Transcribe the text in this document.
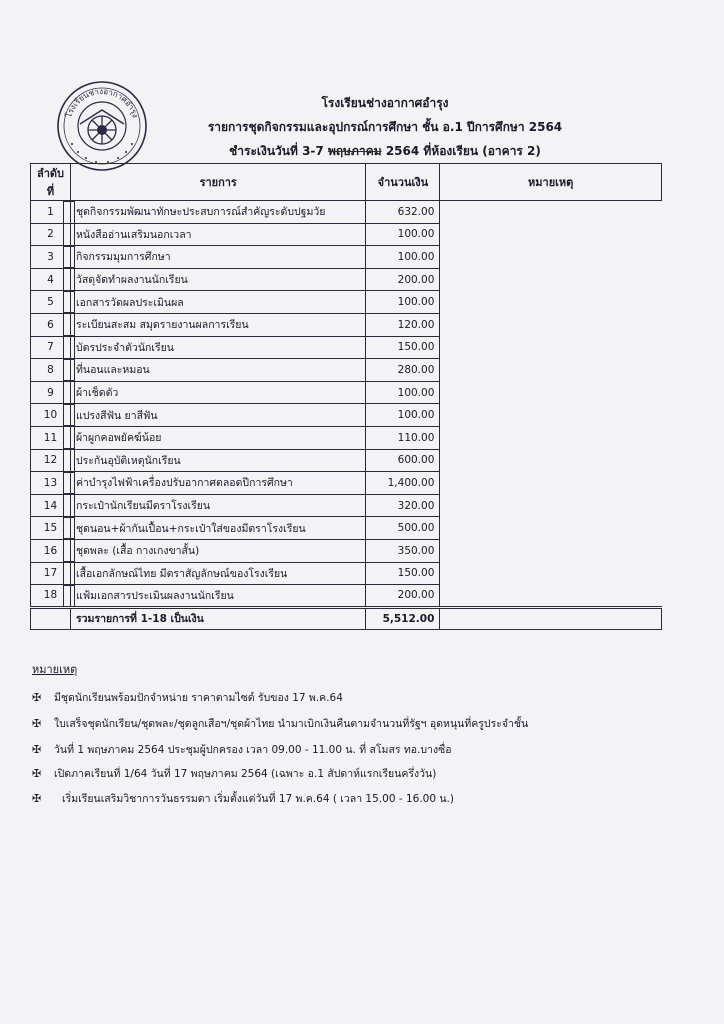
โรงเรียนช่างอากาศอำรุง
โรงเรียนช่างอากาศอำรุง
รายการชุดกิจกรรมและอุปกรณ์การศึกษา ชั้น อ.1 ปีการศึกษา 2564
ชำระเงินวันที่ 3-7 พฤษภาคม 2564 ที่ห้องเรียน (อาคาร 2)
ลำดับที่	รายการ	จำนวนเงิน	หมายเหตุ
1	ชุดกิจกรรมพัฒนาทักษะประสบการณ์สำคัญระดับปฐมวัย	632.00	

2	หนังสืออ่านเสริมนอกเวลา	100.00	

3	กิจกรรมมุมการศึกษา	100.00	

4	วัสดุจัดทำผลงานนักเรียน	200.00	

5	เอกสารวัดผลประเมินผล	100.00	

6	ระเบียนสะสม สมุดรายงานผลการเรียน	120.00	

7	บัตรประจำตัวนักเรียน	150.00	

8	ที่นอนและหมอน	280.00	

9	ผ้าเช็ดตัว	100.00	

10	แปรงสีฟัน ยาสีฟัน	100.00	

11	ผ้าผูกคอพยัคฆ์น้อย	110.00	

12	ประกันอุบัติเหตุนักเรียน	600.00	

13	ค่าบำรุงไฟฟ้าเครื่องปรับอากาศตลอดปีการศึกษา	1,400.00	

14	กระเป๋านักเรียนมีตราโรงเรียน	320.00	

15	ชุดนอน+ผ้ากันเปื้อน+กระเป๋าใส่ของมีตราโรงเรียน	500.00	

16	ชุดพละ (เสื้อ กางเกงขาสั้น)	350.00	

17	เสื้อเอกลักษณ์ไทย มีตราสัญลักษณ์ของโรงเรียน	150.00	

18	แฟ้มเอกสารประเมินผลงานนักเรียน	200.00	

	รวมรายการที่ 1-18 เป็นเงิน	5,512.00	
หมายเหตุ
✠ มีชุดนักเรียนพร้อมปักจำหน่าย ราคาตามไซต์ รับของ 17 พ.ค.64
✠ ใบเสร็จชุดนักเรียน/ชุดพละ/ชุดลูกเสือฯ/ชุดผ้าไทย นำมาเบิกเงินคืนตามจำนวนที่รัฐฯ อุดหนุนที่ครูประจำชั้น
✠ วันที่ 1 พฤษภาคม 2564 ประชุมผู้ปกครอง เวลา 09.00 - 11.00 น. ที่ สโมสร ทอ.บางซื่อ
✠ เปิดภาคเรียนที่ 1/64 วันที่ 17 พฤษภาคม 2564 (เฉพาะ อ.1 สัปดาห์แรกเรียนครึ่งวัน)
✠ เริ่มเรียนเสริมวิชาการวันธรรมดา เริ่มตั้งแต่วันที่ 17 พ.ค.64 ( เวลา 15.00 - 16.00 น.)
